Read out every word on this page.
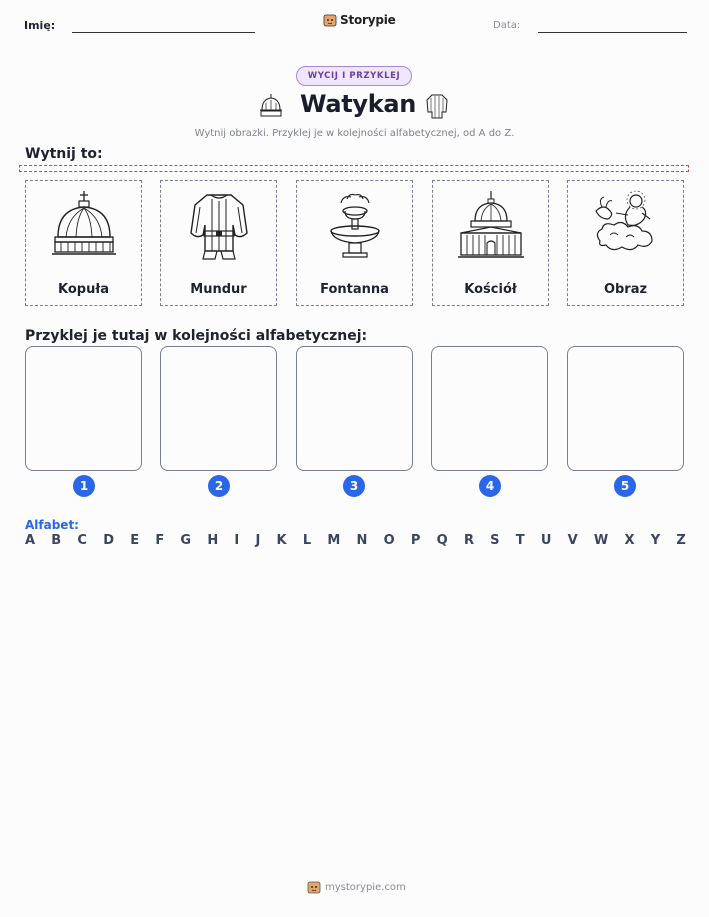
Imię:	Storypie	Data:
WYCIJ I PRZYKLEJ
Watykan
Wytnij obrazki. Przyklej je w kolejności alfabetycznej, od A do Z.
Wytnij to:
Kopuła	Mundur	Fontanna	Kościół	Obraz
Przyklej je tutaj w kolejności alfabetycznej:
1	2	3	4	5
Alfabet:
A B C D E F G H I J K L M N O P Q R S T U V W X Y Z
mystorypie.com
